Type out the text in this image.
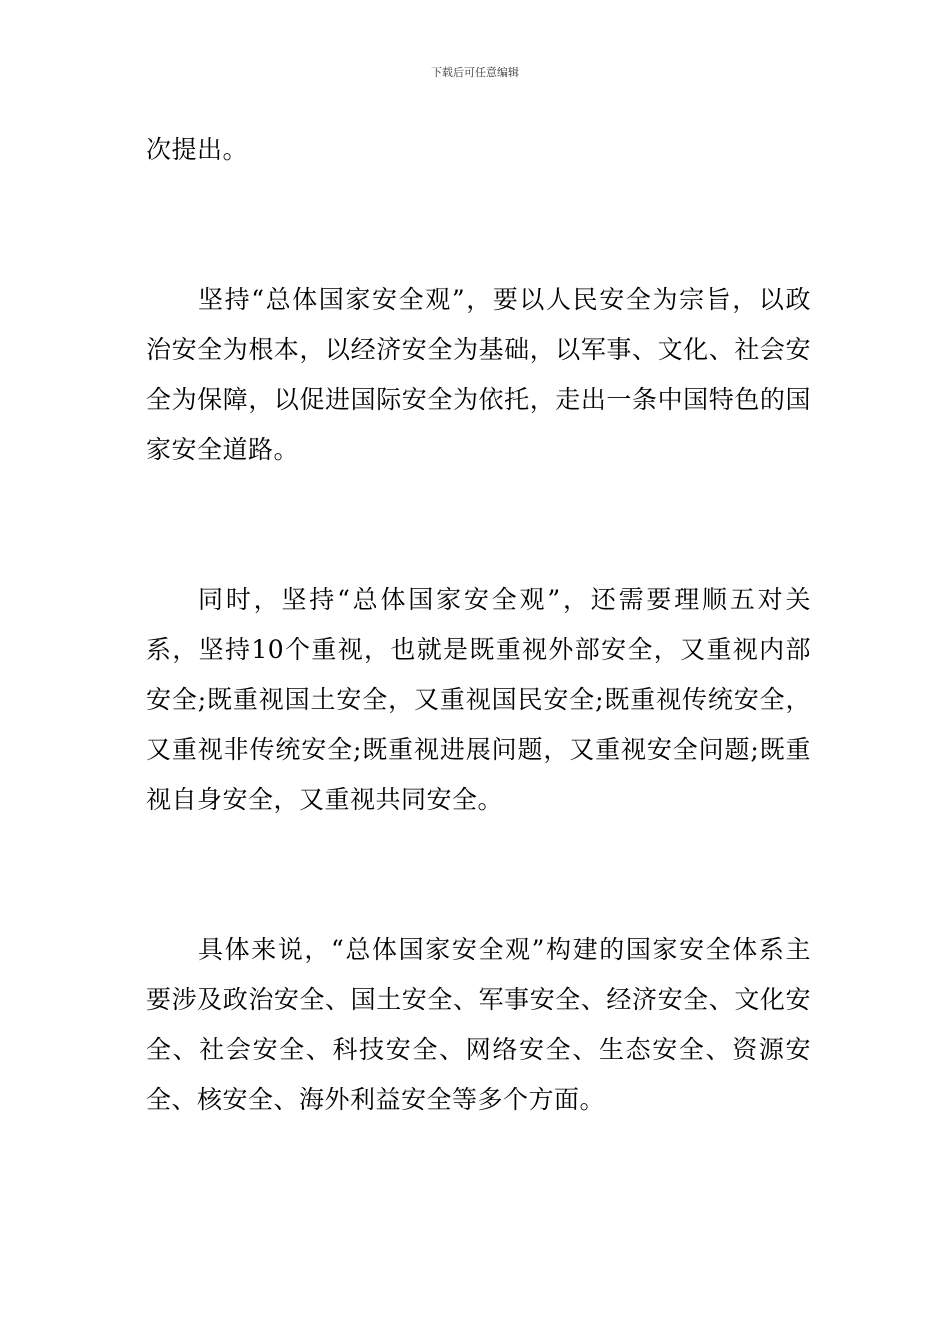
下载后可任意编辑

次提出。

坚持“总体国家安全观”，要以人民安全为宗旨，以政治安全为根本，以经济安全为基础，以军事、文化、社会安全为保障，以促进国际安全为依托，走出一条中国特色的国家安全道路。

同时，坚持“总体国家安全观”，还需要理顺五对关系，坚持10个重视，也就是既重视外部安全，又重视内部安全;既重视国土安全，又重视国民安全;既重视传统安全，又重视非传统安全;既重视进展问题，又重视安全问题;既重视自身安全，又重视共同安全。

具体来说，“总体国家安全观”构建的国家安全体系主要涉及政治安全、国土安全、军事安全、经济安全、文化安全、社会安全、科技安全、网络安全、生态安全、资源安全、核安全、海外利益安全等多个方面。
